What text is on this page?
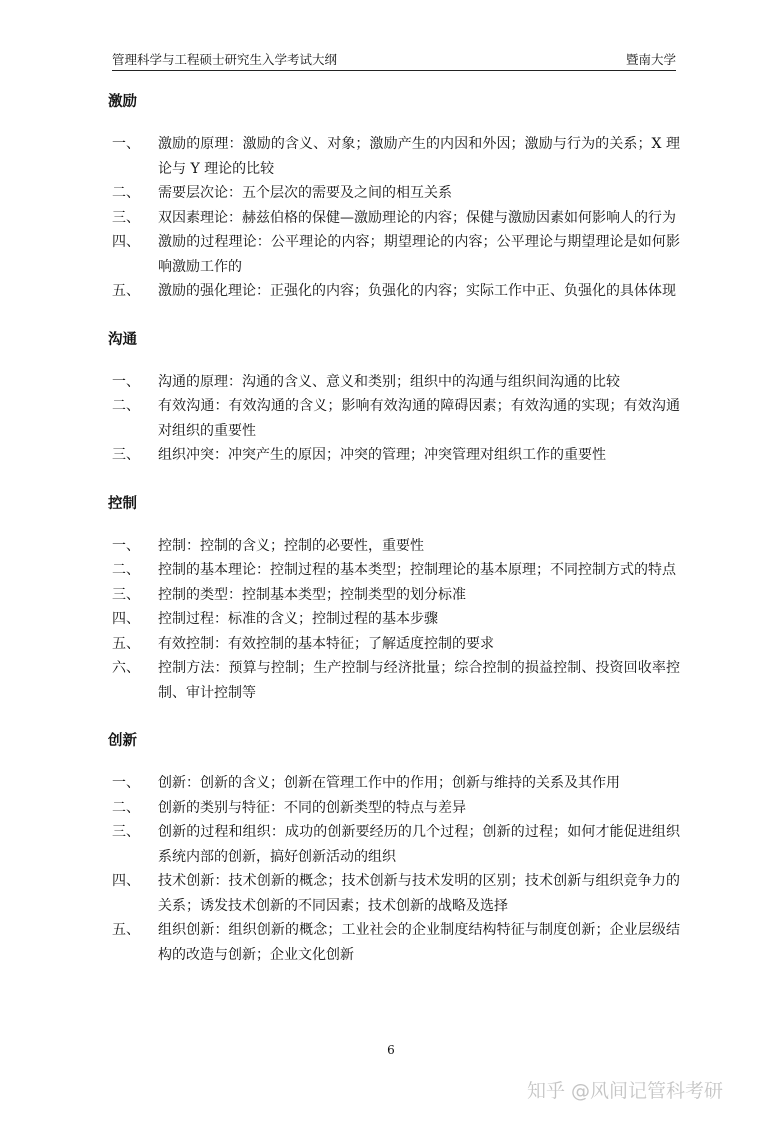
管理科学与工程硕士研究生入学考试大纲	暨南大学
激励
一、 激励的原理：激励的含义、对象；激励产生的内因和外因；激励与行为的关系；X 理论与 Y 理论的比较
二、 需要层次论：五个层次的需要及之间的相互关系
三、 双因素理论：赫兹伯格的保健—激励理论的内容；保健与激励因素如何影响人的行为
四、 激励的过程理论：公平理论的内容；期望理论的内容；公平理论与期望理论是如何影响激励工作的
五、 激励的强化理论：正强化的内容；负强化的内容；实际工作中正、负强化的具体体现
沟通
一、 沟通的原理：沟通的含义、意义和类别；组织中的沟通与组织间沟通的比较
二、 有效沟通：有效沟通的含义；影响有效沟通的障碍因素；有效沟通的实现；有效沟通对组织的重要性
三、 组织冲突：冲突产生的原因；冲突的管理；冲突管理对组织工作的重要性
控制
一、 控制：控制的含义；控制的必要性，重要性
二、 控制的基本理论：控制过程的基本类型；控制理论的基本原理；不同控制方式的特点
三、 控制的类型：控制基本类型；控制类型的划分标准
四、 控制过程：标准的含义；控制过程的基本步骤
五、 有效控制：有效控制的基本特征；了解适度控制的要求
六、 控制方法：预算与控制；生产控制与经济批量；综合控制的损益控制、投资回收率控制、审计控制等
创新
一、 创新：创新的含义；创新在管理工作中的作用；创新与维持的关系及其作用
二、 创新的类别与特征：不同的创新类型的特点与差异
三、 创新的过程和组织：成功的创新要经历的几个过程；创新的过程；如何才能促进组织系统内部的创新，搞好创新活动的组织
四、 技术创新：技术创新的概念；技术创新与技术发明的区别；技术创新与组织竞争力的关系；诱发技术创新的不同因素；技术创新的战略及选择
五、 组织创新：组织创新的概念；工业社会的企业制度结构特征与制度创新；企业层级结构的改造与创新；企业文化创新
6
知乎 @风间记管科考研
